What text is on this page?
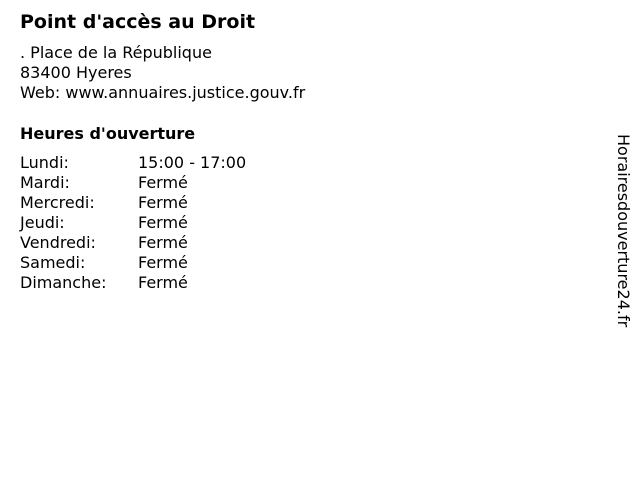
Point d'accès au Droit
. Place de la République
83400 Hyeres
Web: www.annuaires.justice.gouv.fr
Heures d'ouverture
Lundi:	15:00 - 17:00
Mardi:	Fermé
Mercredi:	Fermé
Jeudi:	Fermé
Vendredi:	Fermé
Samedi:	Fermé
Dimanche: Fermé	Horairesdouverture24.fr
